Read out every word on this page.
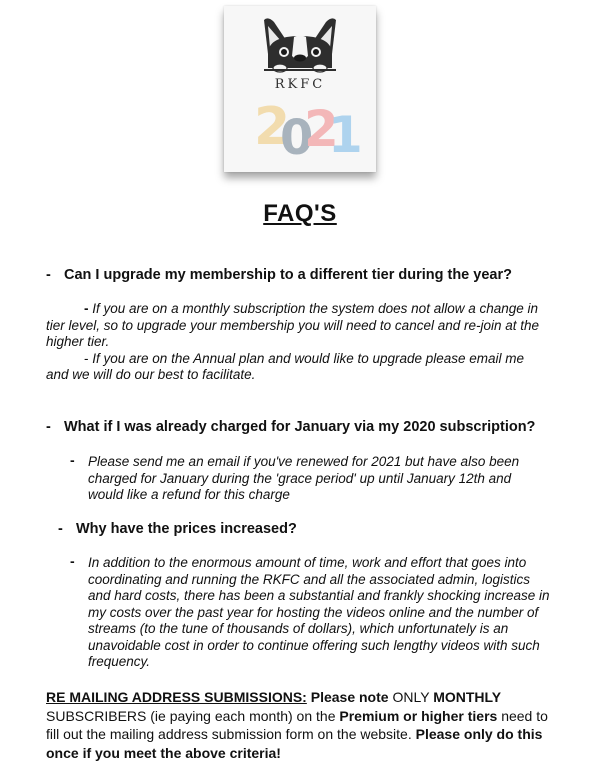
RKFC
2
0
2
1
FAQ'S
- Can I upgrade my membership to a different tier during the year?

- If you are on a monthly subscription the system does not allow a change in

tier level, so to upgrade your membership you will need to cancel and re-join at the

higher tier.

- If you are on the Annual plan and would like to upgrade please email me

and we will do our best to facilitate.

- What if I was already charged for January via my 2020 subscription?
- Please send me an email if you've renewed for 2021 but have also been charged for January during the 'grace period' up until January 12th and would like a refund for this charge

- Why have the prices increased?
- In addition to the enormous amount of time, work and effort that goes into coordinating and running the RKFC and all the associated admin, logistics and hard costs, there has been a substantial and frankly shocking increase in my costs over the past year for hosting the videos online and the number of streams (to the tune of thousands of dollars), which unfortunately is an unavoidable cost in order to continue offering such lengthy videos with such frequency.

RE MAILING ADDRESS SUBMISSIONS: Please note ONLY MONTHLY SUBSCRIBERS (ie paying each month) on the Premium or higher tiers need to fill out the mailing address submission form on the website. Please only do this once if you meet the above criteria!
